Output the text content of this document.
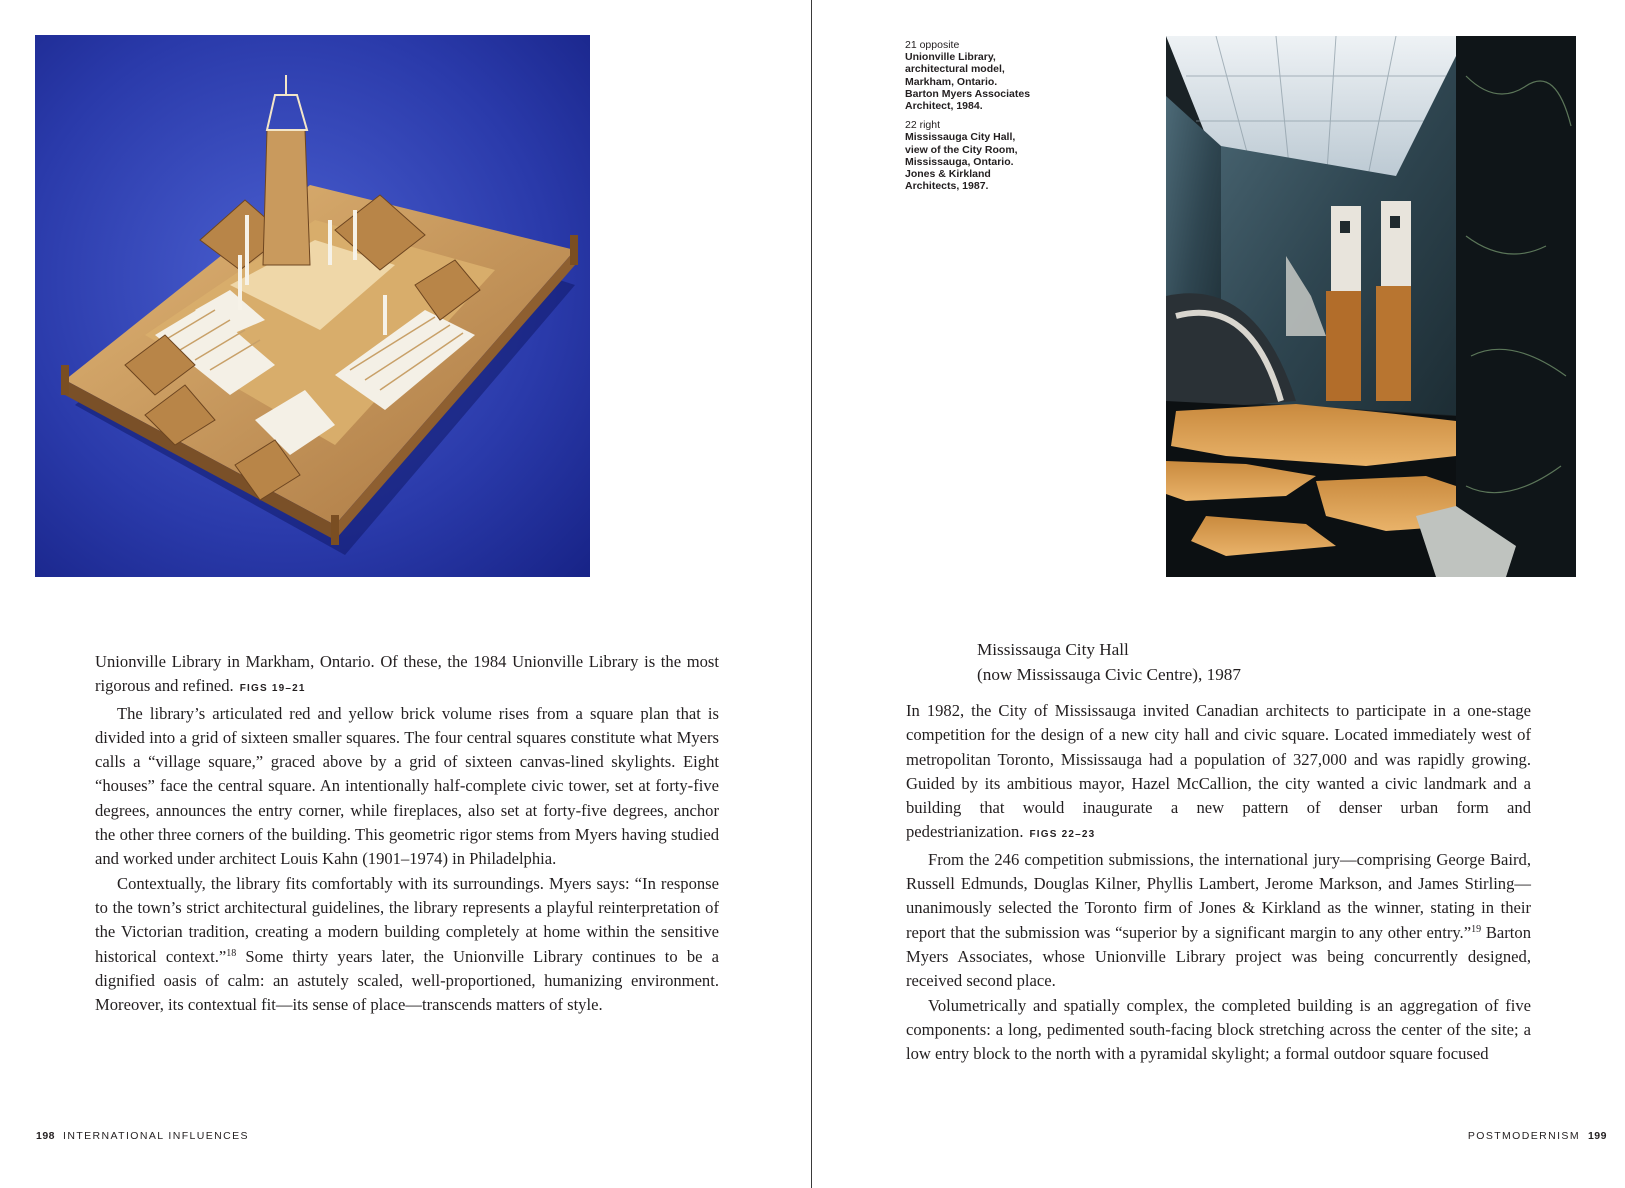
Unionville Library in Markham, Ontario. Of these, the 1984 Unionville Library is the most rigorous and refined. FIGS 19–21

The library’s articulated red and yellow brick volume rises from a square plan that is divided into a grid of sixteen smaller squares. The four central squares constitute what Myers calls a “village square,” graced above by a grid of sixteen canvas-lined skylights. Eight “houses” face the central square. An intentionally half-complete civic tower, set at forty-five degrees, announces the entry corner, while fireplaces, also set at forty-five degrees, anchor the other three corners of the building. This geometric rigor stems from Myers having studied and worked under architect Louis Kahn (1901–1974) in Philadelphia.

Contextually, the library fits comfortably with its surroundings. Myers says: “In response to the town’s strict architectural guidelines, the library represents a playful reinterpretation of the Victorian tradition, creating a modern building completely at home within the sensitive historical context.”$^{18}$ Some thirty years later, the Unionville Library continues to be a dignified oasis of calm: an astutely scaled, well-proportioned, humanizing environment. Moreover, its contextual fit—its sense of place—transcends matters of style.

198 INTERNATIONAL INFLUENCES
21 opposite
Unionville Library,
architectural model,
Markham, Ontario.
Barton Myers Associates
Architect, 1984.
22 right
Mississauga City Hall,
view of the City Room,
Mississauga, Ontario.
Jones & Kirkland
Architects, 1987.
Mississauga City Hall
(now Mississauga Civic Centre), 1987

In 1982, the City of Mississauga invited Canadian architects to participate in a one-stage competition for the design of a new city hall and civic square. Located immediately west of metropolitan Toronto, Mississauga had a population of 327,000 and was rapidly growing. Guided by its ambitious mayor, Hazel McCallion, the city wanted a civic landmark and a building that would inaugurate a new pattern of denser urban form and pedestrianization. FIGS 22–23

From the 246 competition submissions, the international jury—comprising George Baird, Russell Edmunds, Douglas Kilner, Phyllis Lambert, Jerome Markson, and James Stirling—unanimously selected the Toronto firm of Jones & Kirkland as the winner, stating in their report that the submission was “superior by a significant margin to any other entry.”$^{19}$ Barton Myers Associates, whose Unionville Library project was being concurrently designed, received second place.

Volumetrically and spatially complex, the completed building is an aggregation of five components: a long, pedimented south-facing block stretching across the center of the site; a low entry block to the north with a pyramidal skylight; a formal outdoor square focused

POSTMODERNISM 199
